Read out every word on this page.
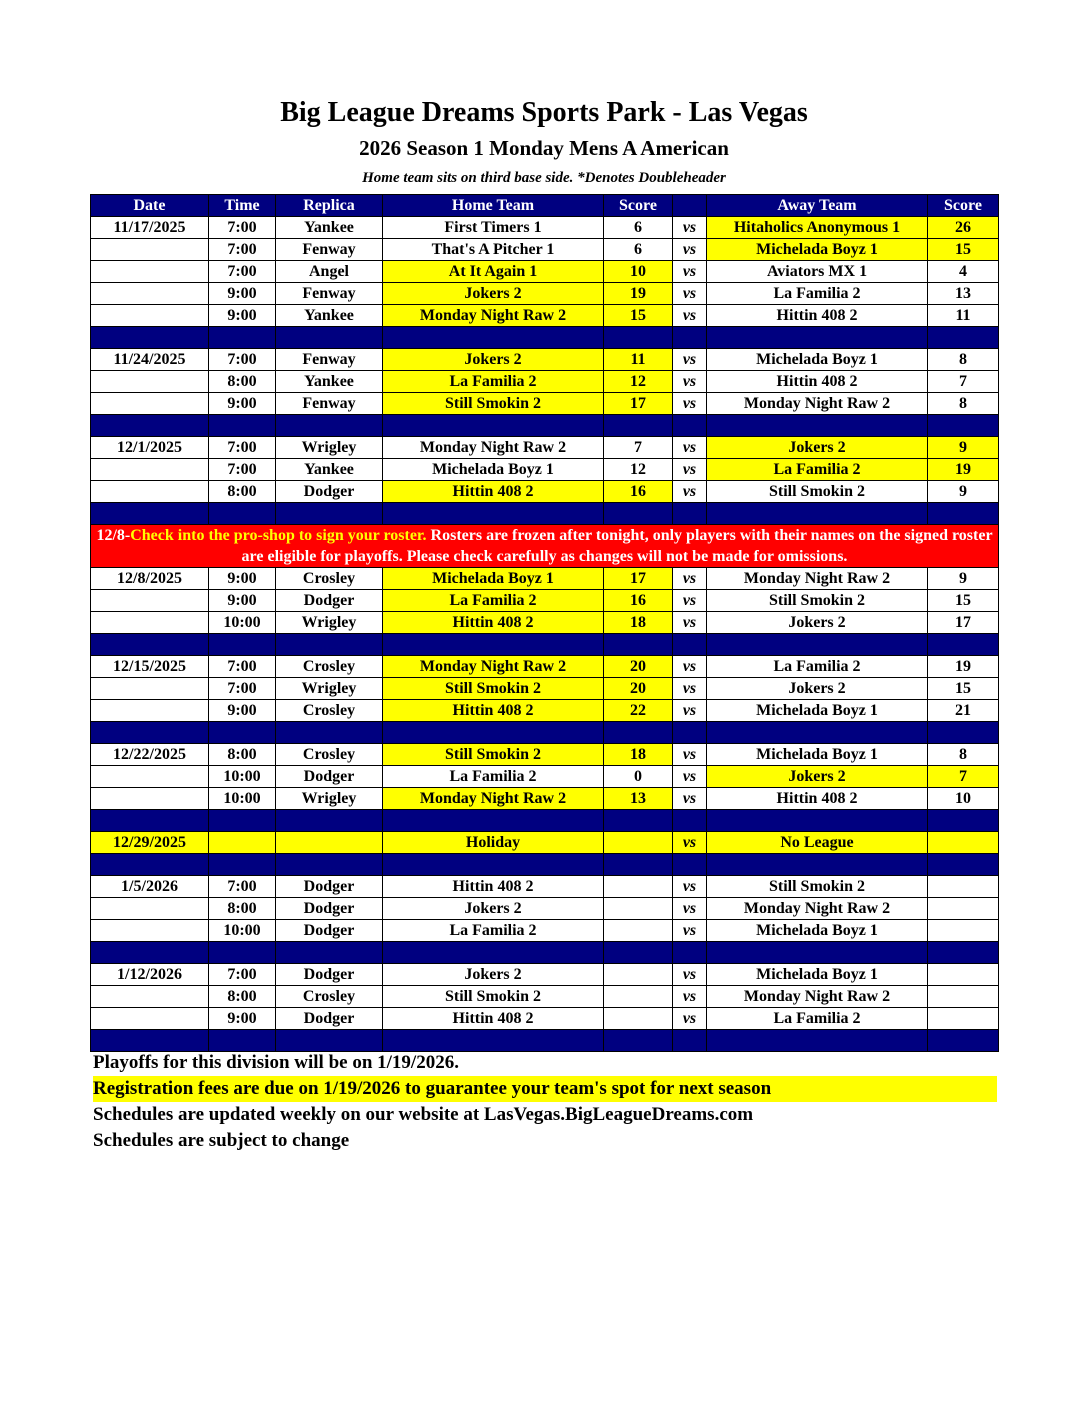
Big League Dreams Sports Park - Las Vegas
2026 Season 1 Monday Mens A American
Home team sits on third base side. *Denotes Doubleheader
Date	Time	Replica	Home Team	Score		Away Team	Score
11/17/2025	7:00	Yankee	First Timers 1	6	vs	Hitaholics Anonymous 1	26
	7:00	Fenway	That's A Pitcher 1	6	vs	Michelada Boyz 1	15
	7:00	Angel	At It Again 1	10	vs	Aviators MX 1	4
	9:00	Fenway	Jokers 2	19	vs	La Familia 2	13
	9:00	Yankee	Monday Night Raw 2	15	vs	Hittin 408 2	11

11/24/2025	7:00	Fenway	Jokers 2	11	vs	Michelada Boyz 1	8
	8:00	Yankee	La Familia 2	12	vs	Hittin 408 2	7
	9:00	Fenway	Still Smokin 2	17	vs	Monday Night Raw 2	8

12/1/2025	7:00	Wrigley	Monday Night Raw 2	7	vs	Jokers 2	9
	7:00	Yankee	Michelada Boyz 1	12	vs	La Familia 2	19
	8:00	Dodger	Hittin 408 2	16	vs	Still Smokin 2	9

12/8-Check into the pro-shop to sign your roster. Rosters are frozen after tonight, only players with their names on the signed roster are eligible for playoffs. Please check carefully as changes will not be made for omissions.							
12/8/2025	9:00	Crosley	Michelada Boyz 1	17	vs	Monday Night Raw 2	9
	9:00	Dodger	La Familia 2	16	vs	Still Smokin 2	15
	10:00	Wrigley	Hittin 408 2	18	vs	Jokers 2	17

12/15/2025	7:00	Crosley	Monday Night Raw 2	20	vs	La Familia 2	19
	7:00	Wrigley	Still Smokin 2	20	vs	Jokers 2	15
	9:00	Crosley	Hittin 408 2	22	vs	Michelada Boyz 1	21

12/22/2025	8:00	Crosley	Still Smokin 2	18	vs	Michelada Boyz 1	8
	10:00	Dodger	La Familia 2	0	vs	Jokers 2	7
	10:00	Wrigley	Monday Night Raw 2	13	vs	Hittin 408 2	10

12/29/2025			Holiday		vs	No League	

1/5/2026	7:00	Dodger	Hittin 408 2		vs	Still Smokin 2	
	8:00	Dodger	Jokers 2		vs	Monday Night Raw 2	
	10:00	Dodger	La Familia 2		vs	Michelada Boyz 1	

1/12/2026	7:00	Dodger	Jokers 2		vs	Michelada Boyz 1	
	8:00	Crosley	Still Smokin 2		vs	Monday Night Raw 2	
	9:00	Dodger	Hittin 408 2		vs	La Familia 2	

Playoffs for this division will be on 1/19/2026.
Registration fees are due on 1/19/2026 to guarantee your team's spot for next season
Schedules are updated weekly on our website at LasVegas.BigLeagueDreams.com
Schedules are subject to change
